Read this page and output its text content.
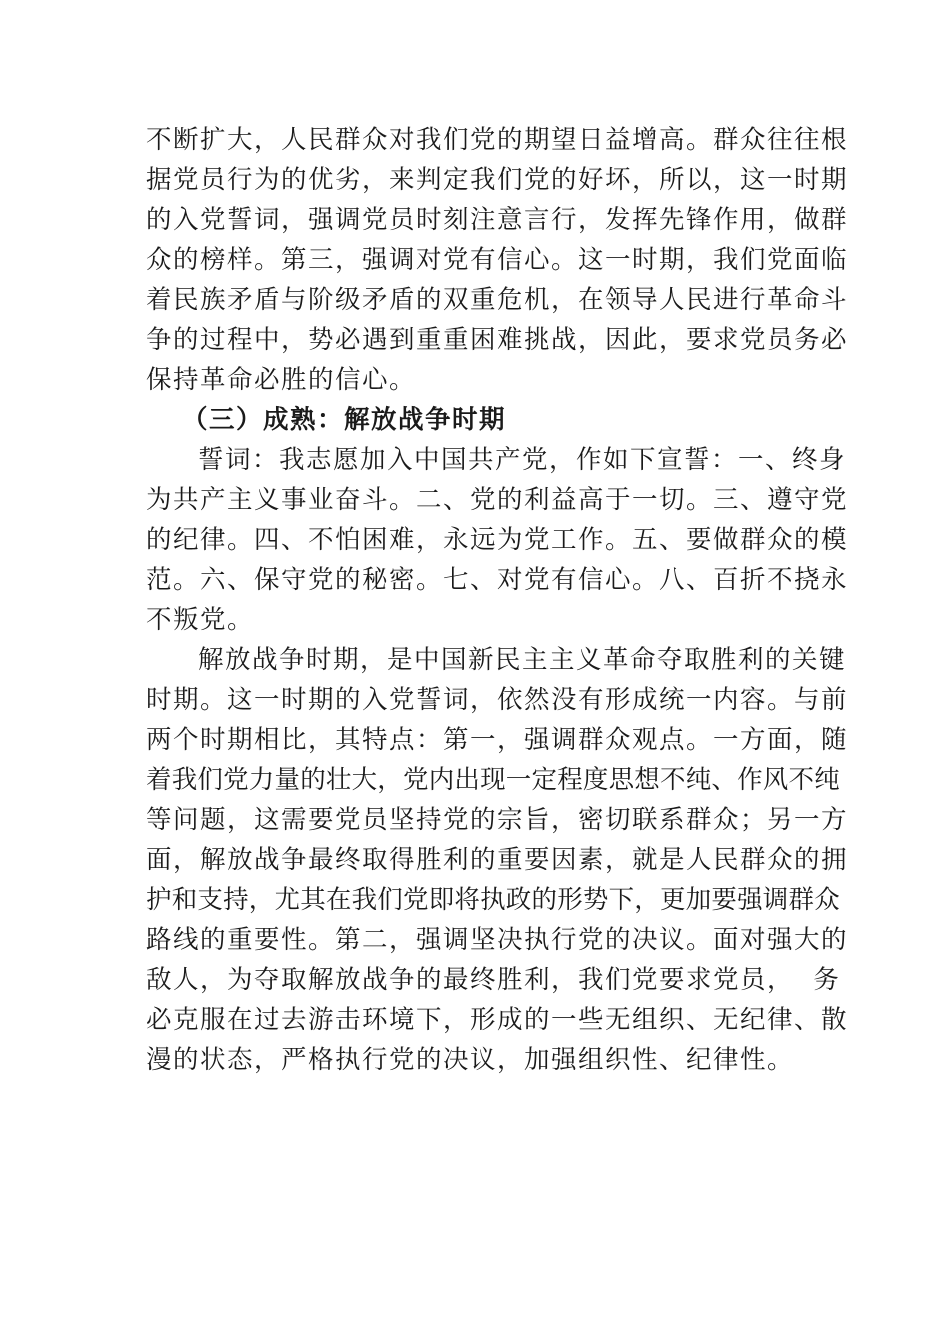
不断扩大，人民群众对我们党的期望日益增高。群众往往根
据党员行为的优劣，来判定我们党的好坏，所以，这一时期
的入党誓词，强调党员时刻注意言行，发挥先锋作用，做群
众的榜样。第三，强调对党有信心。这一时期，我们党面临
着民族矛盾与阶级矛盾的双重危机，在领导人民进行革命斗
争的过程中，势必遇到重重困难挑战，因此，要求党员务必
保持革命必胜的信心。
（三）成熟：解放战争时期
誓词：我志愿加入中国共产党，作如下宣誓：一、终身
为共产主义事业奋斗。二、党的利益高于一切。三、遵守党
的纪律。四、不怕困难，永远为党工作。五、要做群众的模
范。六、保守党的秘密。七、对党有信心。八、百折不挠永
不叛党。
解放战争时期，是中国新民主主义革命夺取胜利的关键
时期。这一时期的入党誓词，依然没有形成统一内容。与前
两个时期相比，其特点：第一，强调群众观点。一方面，随
着我们党力量的壮大，党内出现一定程度思想不纯、作风不纯
等问题，这需要党员坚持党的宗旨，密切联系群众；另一方
面，解放战争最终取得胜利的重要因素，就是人民群众的拥
护和支持，尤其在我们党即将执政的形势下，更加要强调群众
路线的重要性。第二，强调坚决执行党的决议。面对强大的
敌人，为夺取解放战争的最终胜利，我们党要求党员，  务
必克服在过去游击环境下，形成的一些无组织、无纪律、散
漫的状态，严格执行党的决议，加强组织性、纪律性。
